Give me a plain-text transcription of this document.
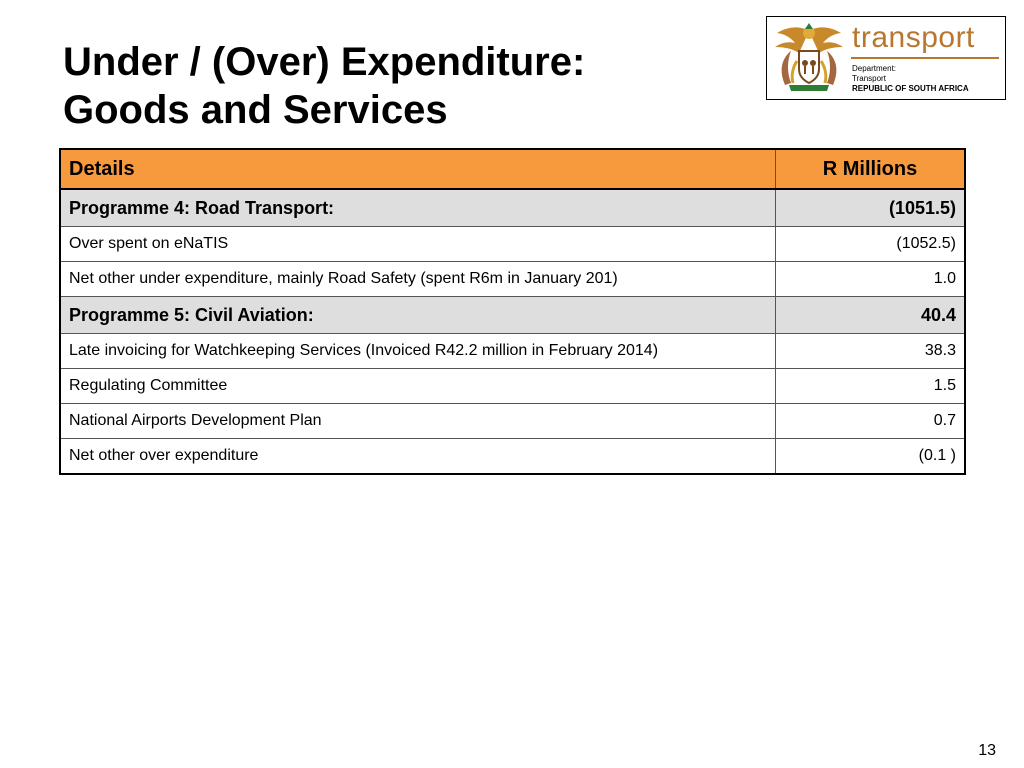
Under / (Over) Expenditure:
Goods and Services
transport
Department:
Transport
REPUBLIC OF SOUTH AFRICA
Details	R Millions
Programme 4: Road Transport:	(1051.5)
Over spent on eNaTIS	(1052.5)
Net other under expenditure, mainly Road Safety (spent R6m in January 201)	1.0
Programme 5: Civil Aviation:	40.4
Late invoicing for Watchkeeping Services (Invoiced R42.2 million in February 2014)	38.3
Regulating Committee	1.5
National Airports Development Plan	0.7
Net other over expenditure	(0.1 )
13
